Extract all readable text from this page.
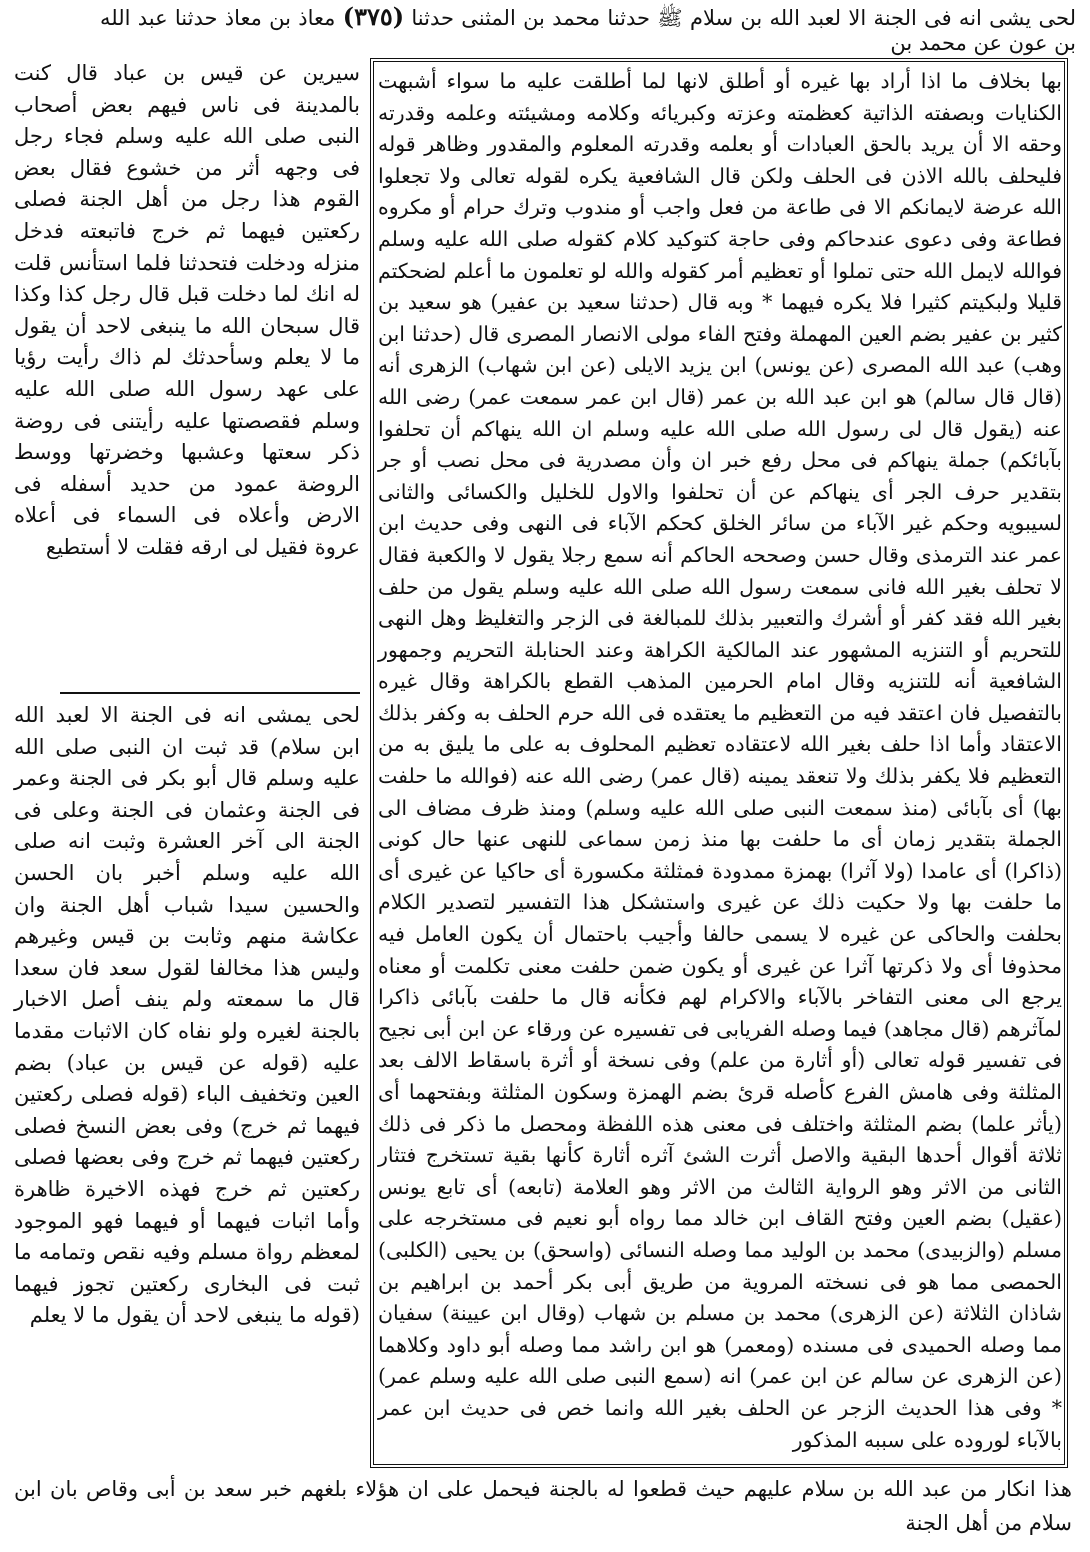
لحى يشى انه فى الجنة الا لعبد الله بن سلام ﷺ حدثنا محمد بن المثنى حدثنا (٣٧٥) معاذ بن معاذ حدثنا عبد الله بن عون عن محمد بن
بها بخلاف ما اذا أراد بها غيره أو أطلق لانها لما أطلقت عليه ما سواء أشبهت الكنايات وبصفته الذاتية كعظمته وعزته وكبريائه وكلامه ومشيئته وعلمه وقدرته وحقه الا أن يريد بالحق العبادات أو بعلمه وقدرته المعلوم والمقدور وظاهر قوله فليحلف بالله الاذن فى الحلف ولكن قال الشافعية يكره لقوله تعالى ولا تجعلوا الله عرضة لايمانكم الا فى طاعة من فعل واجب أو مندوب وترك حرام أو مكروه فطاعة وفى دعوى عندحاكم وفى حاجة كتوكيد كلام كقوله صلى الله عليه وسلم فوالله لايمل الله حتى تملوا أو تعظيم أمر كقوله والله لو تعلمون ما أعلم لضحكتم قليلا ولبكيتم كثيرا فلا يكره فيهما * وبه قال (حدثنا سعيد بن عفير) هو سعيد بن كثير بن عفير بضم العين المهملة وفتح الفاء مولى الانصار المصرى قال (حدثنا ابن وهب) عبد الله المصرى (عن يونس) ابن يزيد الايلى (عن ابن شهاب) الزهرى أنه (قال قال سالم) هو ابن عبد الله بن عمر (قال ابن عمر سمعت عمر) رضى الله عنه (يقول قال لى رسول الله صلى الله عليه وسلم ان الله ينهاكم أن تحلفوا بآبائكم) جملة ينهاكم فى محل رفع خبر ان وأن مصدرية فى محل نصب أو جر بتقدير حرف الجر أى ينهاكم عن أن تحلفوا والاول للخليل والكسائى والثانى لسيبويه وحكم غير الآباء من سائر الخلق كحكم الآباء فى النهى وفى حديث ابن عمر عند الترمذى وقال حسن وصححه الحاكم أنه سمع رجلا يقول لا والكعبة فقال لا تحلف بغير الله فانى سمعت رسول الله صلى الله عليه وسلم يقول من حلف بغير الله فقد كفر أو أشرك والتعبير بذلك للمبالغة فى الزجر والتغليظ وهل النهى للتحريم أو التنزيه المشهور عند المالكية الكراهة وعند الحنابلة التحريم وجمهور الشافعية أنه للتنزيه وقال امام الحرمين المذهب القطع بالكراهة وقال غيره بالتفصيل فان اعتقد فيه من التعظيم ما يعتقده فى الله حرم الحلف به وكفر بذلك الاعتقاد وأما اذا حلف بغير الله لاعتقاده تعظيم المحلوف به على ما يليق به من التعظيم فلا يكفر بذلك ولا تنعقد يمينه (قال عمر) رضى الله عنه (فوالله ما حلفت بها) أى بآبائى (منذ سمعت النبى صلى الله عليه وسلم) ومنذ ظرف مضاف الى الجملة بتقدير زمان أى ما حلفت بها منذ زمن سماعى للنهى عنها حال كونى (ذاكرا) أى عامدا (ولا آثرا) بهمزة ممدودة فمثلثة مكسورة أى حاكيا عن غيرى أى ما حلفت بها ولا حكيت ذلك عن غيرى واستشكل هذا التفسير لتصدير الكلام بحلفت والحاكى عن غيره لا يسمى حالفا وأجيب باحتمال أن يكون العامل فيه محذوفا أى ولا ذكرتها آثرا عن غيرى أو يكون ضمن حلفت معنى تكلمت أو معناه يرجع الى معنى التفاخر بالآباء والاكرام لهم فكأنه قال ما حلفت بآبائى ذاكرا لمآثرهم (قال مجاهد) فيما وصله الفريابى فى تفسيره عن ورقاء عن ابن أبى نجيح فى تفسير قوله تعالى (أو أثارة من علم) وفى نسخة أو أثرة باسقاط الالف بعد المثلثة وفى هامش الفرع كأصله قرئ بضم الهمزة وسكون المثلثة وبفتحهما أى (يأثر علما) بضم المثلثة واختلف فى معنى هذه اللفظة ومحصل ما ذكر فى ذلك ثلاثة أقوال أحدها البقية والاصل أثرت الشئ آثره أثارة كأنها بقية تستخرج فتثار الثانى من الاثر وهو الرواية الثالث من الاثر وهو العلامة (تابعه) أى تابع يونس (عقيل) بضم العين وفتح القاف ابن خالد مما رواه أبو نعيم فى مستخرجه على مسلم (والزبيدى) محمد بن الوليد مما وصله النسائى (واسحق) بن يحيى (الكلبى) الحمصى مما هو فى نسخته المروية من طريق أبى بكر أحمد بن ابراهيم بن شاذان الثلاثة (عن الزهرى) محمد بن مسلم بن شهاب (وقال ابن عيينة) سفيان مما وصله الحميدى فى مسنده (ومعمر) هو ابن راشد مما وصله أبو داود وكلاهما (عن الزهرى عن سالم عن ابن عمر) انه (سمع النبى صلى الله عليه وسلم عمر) * وفى هذا الحديث الزجر عن الحلف بغير الله وانما خص فى حديث ابن عمر بالآباء لوروده على سببه المذكور
سيرين عن قيس بن عباد قال كنت بالمدينة فى ناس فيهم بعض أصحاب النبى صلى الله عليه وسلم فجاء رجل فى وجهه أثر من خشوع فقال بعض القوم هذا رجل من أهل الجنة فصلى ركعتين فيهما ثم خرج فاتبعته فدخل منزله ودخلت فتحدثنا فلما استأنس قلت له انك لما دخلت قبل قال رجل كذا وكذا قال سبحان الله ما ينبغى لاحد أن يقول ما لا يعلم وسأحدثك لم ذاك رأيت رؤيا على عهد رسول الله صلى الله عليه وسلم فقصصتها عليه رأيتنى فى روضة ذكر سعتها وعشبها وخضرتها ووسط الروضة عمود من حديد أسفله فى الارض وأعلاه فى السماء فى أعلاه عروة فقيل لى ارقه فقلت لا أستطيع
لحى يمشى انه فى الجنة الا لعبد الله ابن سلام) قد ثبت ان النبى صلى الله عليه وسلم قال أبو بكر فى الجنة وعمر فى الجنة وعثمان فى الجنة وعلى فى الجنة الى آخر العشرة وثبت انه صلى الله عليه وسلم أخبر بان الحسن والحسين سيدا شباب أهل الجنة وان عكاشة منهم وثابت بن قيس وغيرهم وليس هذا مخالفا لقول سعد فان سعدا قال ما سمعته ولم ينف أصل الاخبار بالجنة لغيره ولو نفاه كان الاثبات مقدما عليه (قوله عن قيس بن عباد) بضم العين وتخفيف الباء (قوله فصلى ركعتين فيهما ثم خرج) وفى بعض النسخ فصلى ركعتين فيهما ثم خرج وفى بعضها فصلى ركعتين ثم خرج فهذه الاخيرة ظاهرة وأما اثبات فيهما أو فيهما فهو الموجود لمعظم رواة مسلم وفيه نقص وتمامه ما ثبت فى البخارى ركعتين تجوز فيهما (قوله ما ينبغى لاحد أن يقول ما لا يعلم
هذا انكار من عبد الله بن سلام عليهم حيث قطعوا له بالجنة فيحمل على ان هؤلاء بلغهم خبر سعد بن أبى وقاص بان ابن سلام من أهل الجنة
